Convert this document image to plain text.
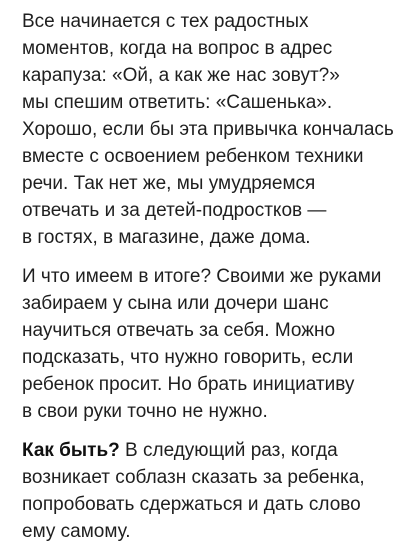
Все начинается с тех радостных
моментов, когда на вопрос в адрес
карапуза: «Ой, а как же нас зовут?»
мы спешим ответить: «Сашенька».
Хорошо, если бы эта привычка кончалась
вместе с освоением ребенком техники
речи. Так нет же, мы умудряемся
отвечать и за детей-подростков —
в гостях, в магазине, даже дома.

И что имеем в итоге? Своими же руками
забираем у сына или дочери шанс
научиться отвечать за себя. Можно
подсказать, что нужно говорить, если
ребенок просит. Но брать инициативу
в свои руки точно не нужно.

Как быть? В следующий раз, когда
возникает соблазн сказать за ребенка,
попробовать сдержаться и дать слово
ему самому.
